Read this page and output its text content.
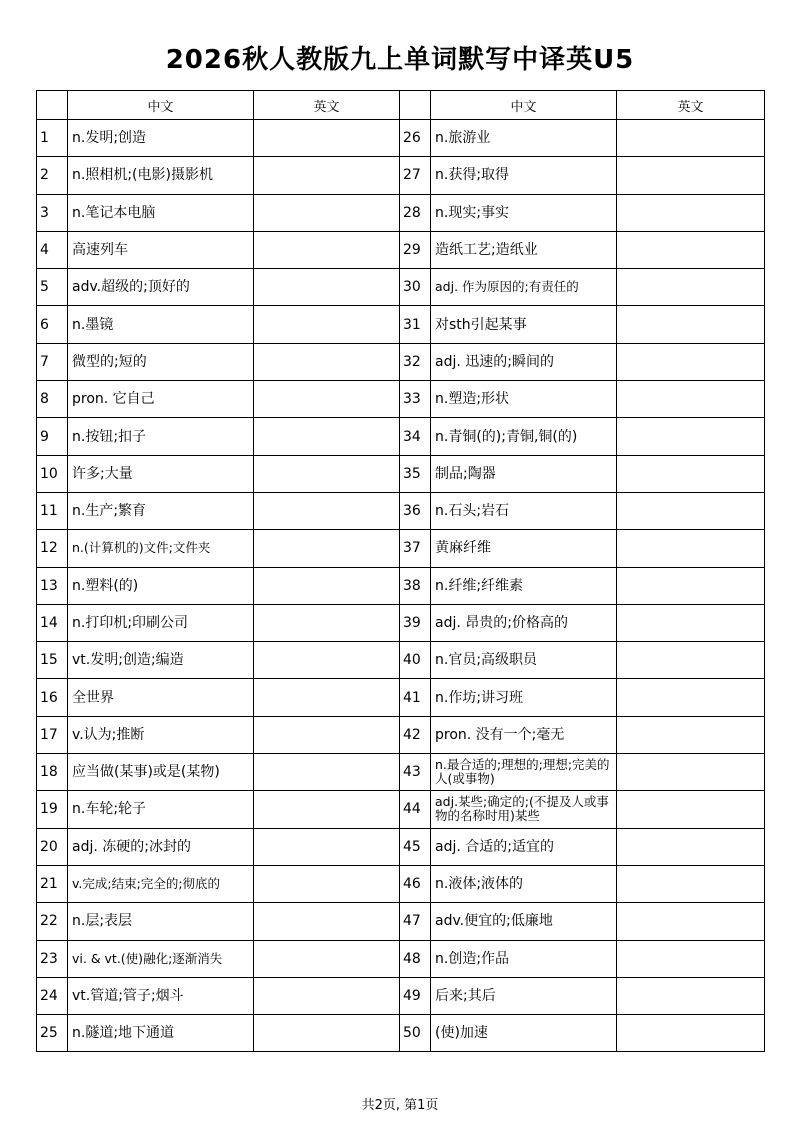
2026秋人教版九上单词默写中译英U5
	中文	英文		中文	英文
1	n.发明;创造		26	n.旅游业	
2	n.照相机;(电影)摄影机		27	n.获得;取得	
3	n.笔记本电脑		28	n.现实;事实	
4	高速列车		29	造纸工艺;造纸业	
5	adv.超级的;顶好的		30	adj. 作为原因的;有责任的	
6	n.墨镜		31	对sth引起某事	
7	微型的;短的		32	adj. 迅速的;瞬间的	
8	pron. 它自己		33	n.塑造;形状	
9	n.按钮;扣子		34	n.青铜(的);青铜,铜(的)	
10	许多;大量		35	制品;陶器	
11	n.生产;繁育		36	n.石头;岩石	
12	n.(计算机的)文件;文件夹		37	黄麻纤维	
13	n.塑料(的)		38	n.纤维;纤维素	
14	n.打印机;印刷公司		39	adj. 昂贵的;价格高的	
15	vt.发明;创造;编造		40	n.官员;高级职员	
16	全世界		41	n.作坊;讲习班	
17	v.认为;推断		42	pron. 没有一个;毫无	
18	应当做(某事)或是(某物)		43	n.最合适的;理想的;理想;完美的人(或事物)	
19	n.车轮;轮子		44	adj.某些;确定的;(不提及人或事物的名称时用)某些	
20	adj. 冻硬的;冰封的		45	adj. 合适的;适宜的	
21	v.完成;结束;完全的;彻底的		46	n.液体;液体的	
22	n.层;表层		47	adv.便宜的;低廉地	
23	vi. & vt.(使)融化;逐渐消失		48	n.创造;作品	
24	vt.管道;管子;烟斗		49	后来;其后	
25	n.隧道;地下通道		50	(使)加速	
共2页, 第1页
